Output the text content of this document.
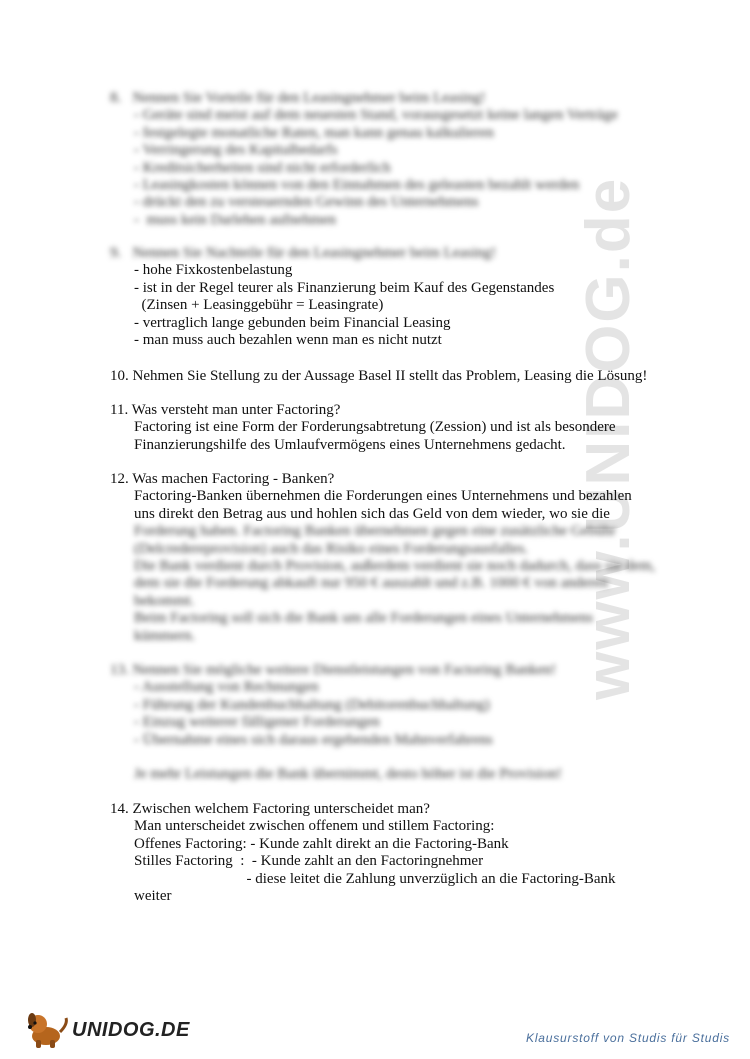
www.UNIDOG.de
8.   Nennen Sie Vorteile für den Leasingnehmer beim Leasing!
- Geräte sind meist auf dem neuesten Stand, vorausgesetzt keine langen Verträge
- festgelegte monatliche Raten, man kann genau kalkulieren
- Verringerung des Kapitalbedarfs
- Kreditsicherheiten sind nicht erforderlich
- Leasingkosten können von den Einnahmen des geleasten bezahlt werden
- drückt den zu versteuernden Gewinn des Unternehmens
-  muss kein Darlehen aufnehmen
9.   Nennen Sie Nachteile für den Leasingnehmer beim Leasing!
- hohe Fixkostenbelastung
- ist in der Regel teurer als Finanzierung beim Kauf des Gegenstandes
(Zinsen + Leasinggebühr = Leasingrate)
- vertraglich lange gebunden beim Financial Leasing
- man muss auch bezahlen wenn man es nicht nutzt
10. Nehmen Sie Stellung zu der Aussage Basel II stellt das Problem, Leasing die Lösung!
11. Was versteht man unter Factoring?
Factoring ist eine Form der Forderungsabtretung (Zession) und ist als besondere
Finanzierungshilfe des Umlaufvermögens eines Unternehmens gedacht.
12. Was machen Factoring - Banken?
Factoring-Banken übernehmen die Forderungen eines Unternehmens und bezahlen
uns direkt den Betrag aus und hohlen sich das Geld von dem wieder, wo sie die
Forderung haben. Factoring Banken übernehmen gegen eine zusätzliche Gebühr
(Delcredereprovision) auch das Risiko eines Forderungsausfalles.
Die Bank verdient durch Provision, außerdem verdient sie noch dadurch, dass sie dem,
dem sie die Forderung abkauft nur 950 € auszahlt und z.B. 1000 € von anderen
bekommt.
Beim Factoring soll sich die Bank um alle Forderungen eines Unternehmens
kümmern.
13. Nennen Sie mögliche weitere Dienstleistungen von Factoring Banken!
- Ausstellung von Rechnungen
- Führung der Kundenbuchhaltung (Debitorenbuchhaltung)
- Einzug weiterer fälligener Forderungen
- Übernahme eines sich daraus ergebenden Mahnverfahrens
Je mehr Leistungen die Bank übernimmt, desto höher ist die Provision!
14. Zwischen welchem Factoring unterscheidet man?
Man unterscheidet zwischen offenem und stillem Factoring:
Offenes Factoring: - Kunde zahlt direkt an die Factoring-Bank
Stilles Factoring  :  - Kunde zahlt an den Factoringnehmer
- diese leitet die Zahlung unverzüglich an die Factoring-Bank
weiter
UNIDOG.DE	Klausurstoff von Studis für Studis
